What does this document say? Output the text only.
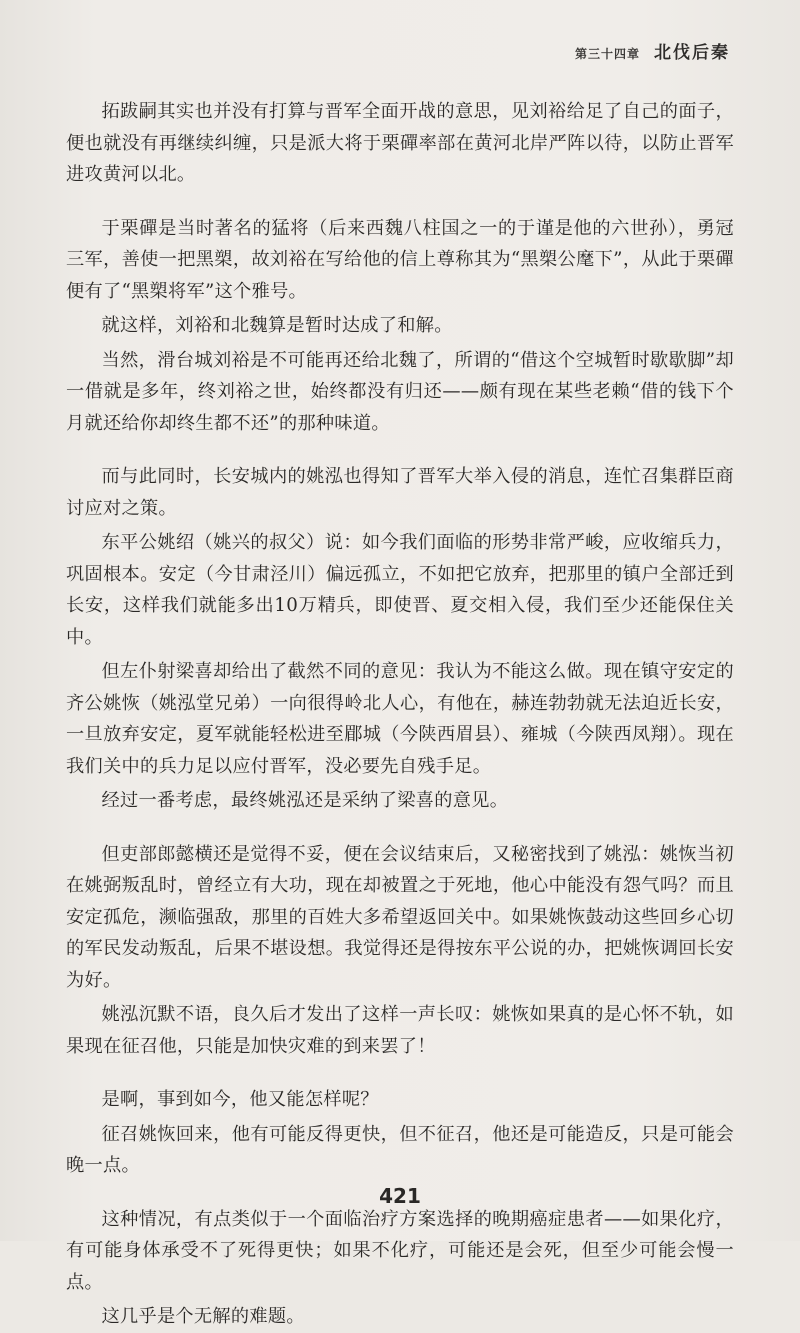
第三十四章 北伐后秦

拓跋嗣其实也并没有打算与晋军全面开战的意思，见刘裕给足了自己的面子，便也就没有再继续纠缠，只是派大将于栗磾率部在黄河北岸严阵以待，以防止晋军进攻黄河以北。

于栗磾是当时著名的猛将（后来西魏八柱国之一的于谨是他的六世孙），勇冠三军，善使一把黑槊，故刘裕在写给他的信上尊称其为“黑槊公麾下”，从此于栗磾便有了“黑槊将军”这个雅号。

就这样，刘裕和北魏算是暂时达成了和解。

当然，滑台城刘裕是不可能再还给北魏了，所谓的“借这个空城暂时歇歇脚”却一借就是多年，终刘裕之世，始终都没有归还——颇有现在某些老赖“借的钱下个月就还给你却终生都不还”的那种味道。

而与此同时，长安城内的姚泓也得知了晋军大举入侵的消息，连忙召集群臣商讨应对之策。

东平公姚绍（姚兴的叔父）说：如今我们面临的形势非常严峻，应收缩兵力，巩固根本。安定（今甘肃泾川）偏远孤立，不如把它放弃，把那里的镇户全部迁到长安，这样我们就能多出10万精兵，即使晋、夏交相入侵，我们至少还能保住关中。

但左仆射梁喜却给出了截然不同的意见：我认为不能这么做。现在镇守安定的齐公姚恢（姚泓堂兄弟）一向很得岭北人心，有他在，赫连勃勃就无法迫近长安，一旦放弃安定，夏军就能轻松进至郿城（今陕西眉县）、雍城（今陕西凤翔）。现在我们关中的兵力足以应付晋军，没必要先自残手足。

经过一番考虑，最终姚泓还是采纳了梁喜的意见。

但吏部郎懿横还是觉得不妥，便在会议结束后，又秘密找到了姚泓：姚恢当初在姚弼叛乱时，曾经立有大功，现在却被置之于死地，他心中能没有怨气吗？而且安定孤危，濒临强敌，那里的百姓大多希望返回关中。如果姚恢鼓动这些回乡心切的军民发动叛乱，后果不堪设想。我觉得还是得按东平公说的办，把姚恢调回长安为好。

姚泓沉默不语，良久后才发出了这样一声长叹：姚恢如果真的是心怀不轨，如果现在征召他，只能是加快灾难的到来罢了！

是啊，事到如今，他又能怎样呢？

征召姚恢回来，他有可能反得更快，但不征召，他还是可能造反，只是可能会晚一点。

这种情况，有点类似于一个面临治疗方案选择的晚期癌症患者——如果化疗，有可能身体承受不了死得更快；如果不化疗，可能还是会死，但至少可能会慢一点。

这几乎是个无解的难题。

421
